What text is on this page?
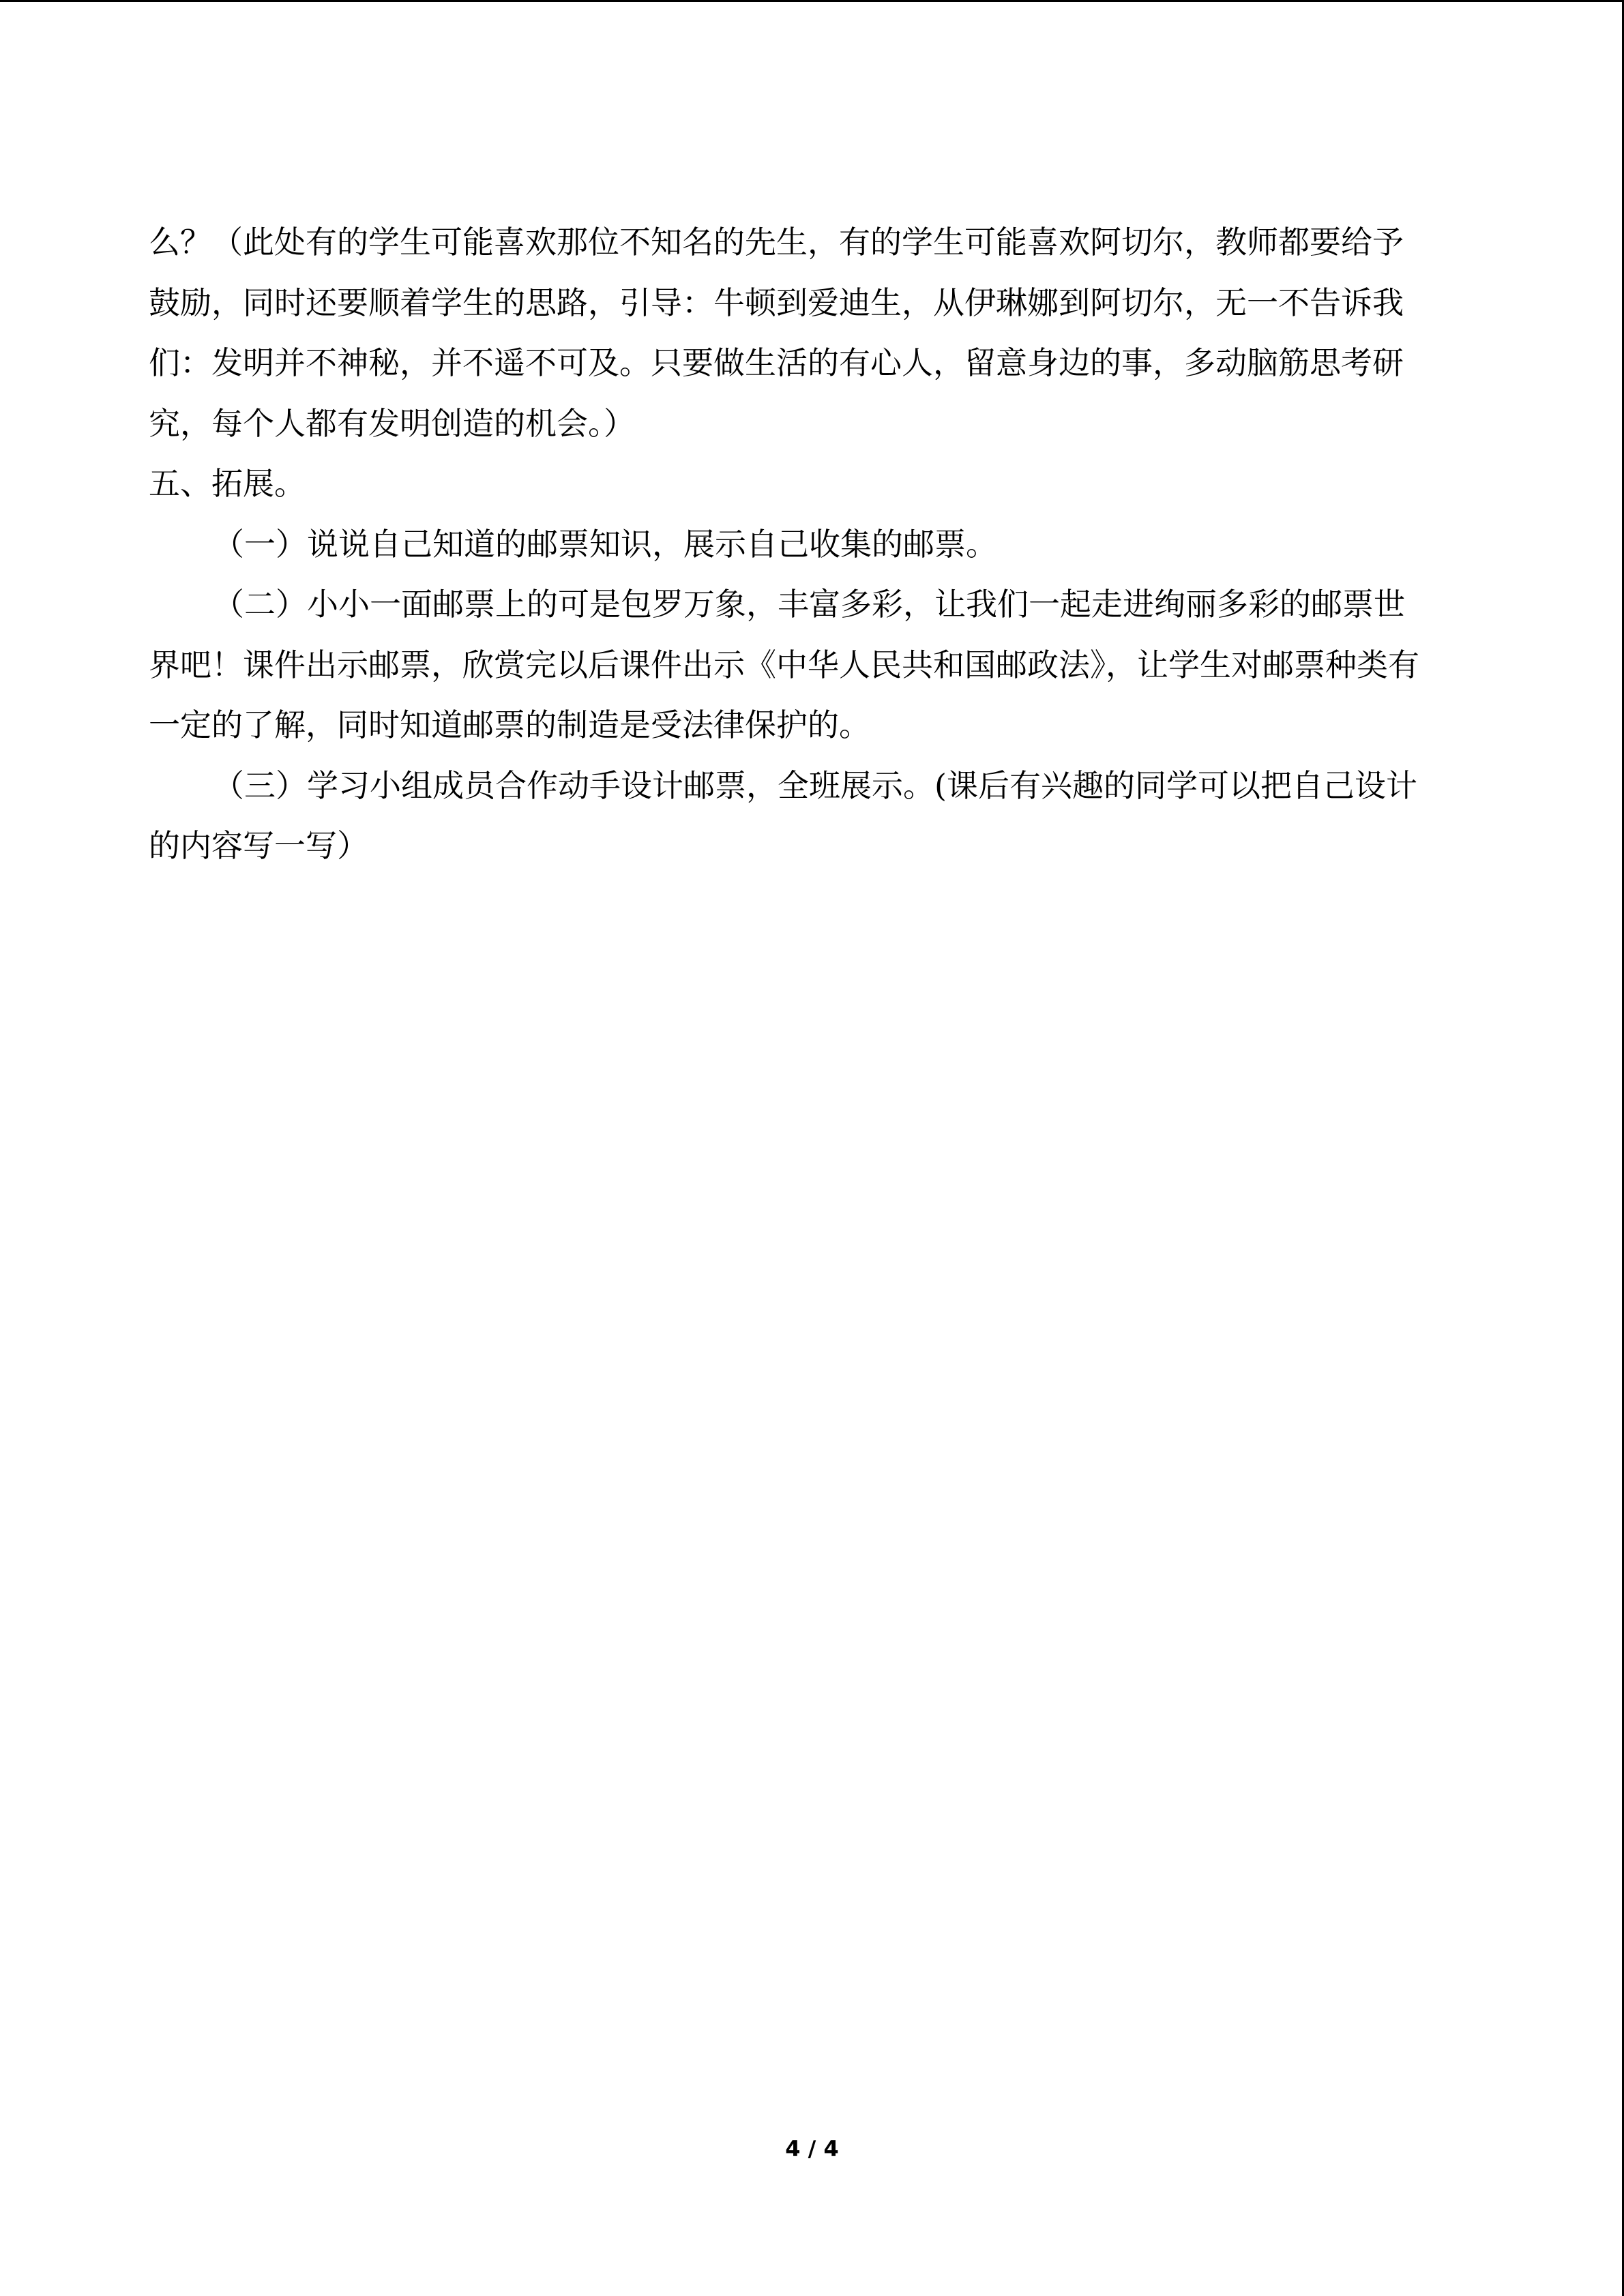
么？（此处有的学生可能喜欢那位不知名的先生，有的学生可能喜欢阿切尔，教师都要给予

鼓励，同时还要顺着学生的思路，引导：牛顿到爱迪生，从伊琳娜到阿切尔，无一不告诉我

们：发明并不神秘，并不遥不可及。只要做生活的有心人，留意身边的事，多动脑筋思考研

究，每个人都有发明创造的机会。）

五、拓展。

（一）说说自己知道的邮票知识，展示自己收集的邮票。

（二）小小一面邮票上的可是包罗万象，丰富多彩，让我们一起走进绚丽多彩的邮票世

界吧！课件出示邮票，欣赏完以后课件出示《中华人民共和国邮政法》，让学生对邮票种类有

一定的了解，同时知道邮票的制造是受法律保护的。

（三）学习小组成员合作动手设计邮票，全班展示。(课后有兴趣的同学可以把自己设计

的内容写一写）

4 / 4
